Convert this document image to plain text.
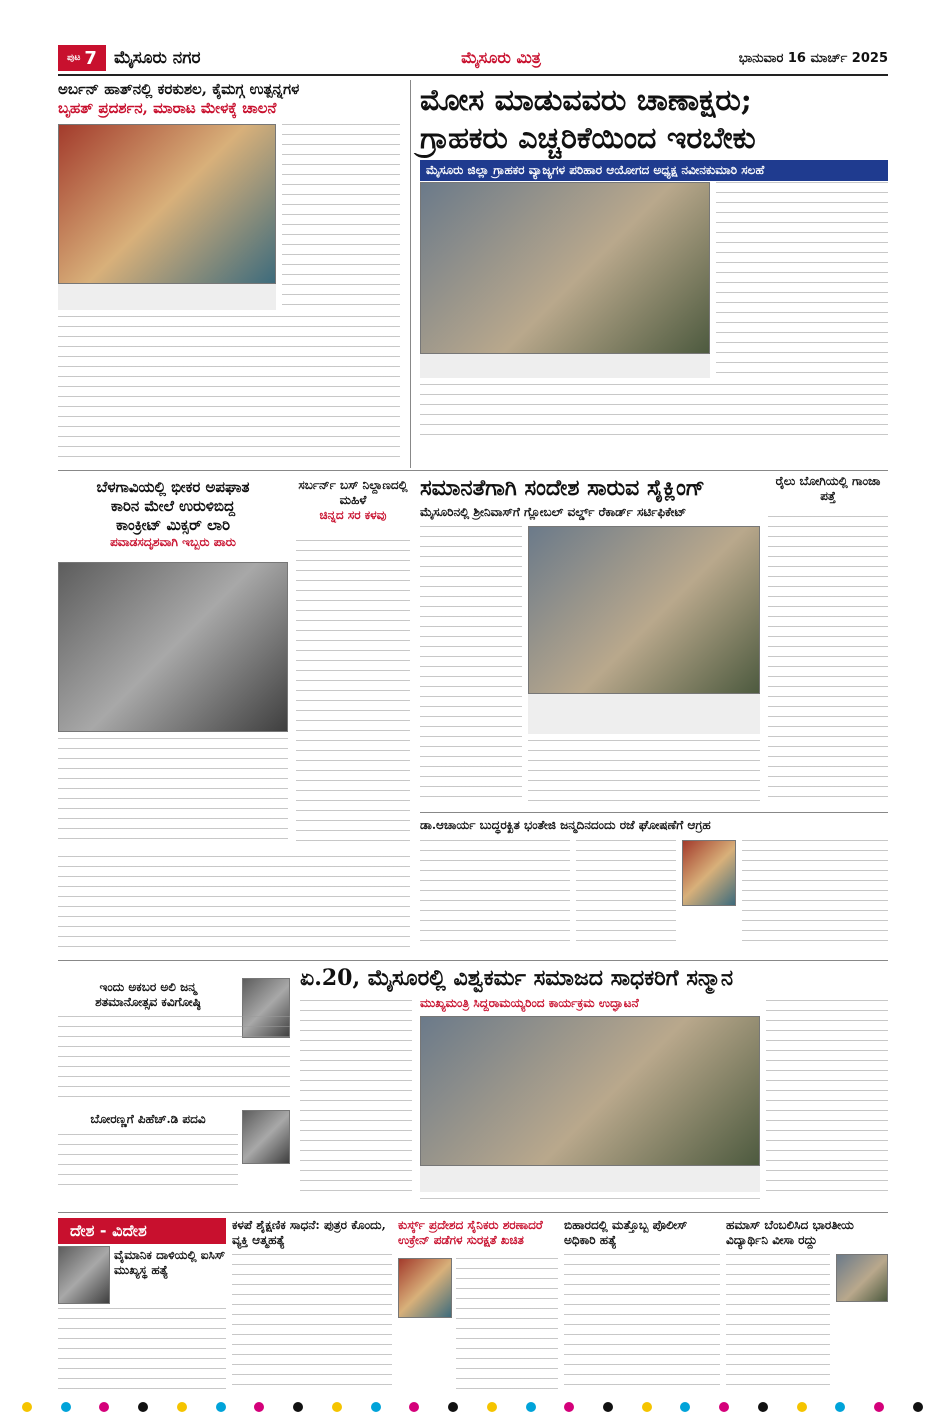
ಪುಟ 7 ಮೈಸೂರು ನಗರ	ಮೈಸೂರು ಮಿತ್ರ	ಭಾನುವಾರ 16 ಮಾರ್ಚ್ 2025
ಅರ್ಬನ್ ಹಾತ್‌ನಲ್ಲಿ ಕರಕುಶಲ, ಕೈಮಗ್ಗ ಉತ್ಪನ್ನಗಳ
ಬೃಹತ್ ಪ್ರದರ್ಶನ, ಮಾರಾಟ ಮೇಳಕ್ಕೆ ಚಾಲನೆ	ಮೋಸ ಮಾಡುವವರು ಚಾಣಾಕ್ಷರು;
ಗ್ರಾಹಕರು ಎಚ್ಚರಿಕೆಯಿಂದ ಇರಬೇಕು
ಮೈಸೂರು ಜಿಲ್ಲಾ ಗ್ರಾಹಕರ ವ್ಯಾಜ್ಯಗಳ ಪರಿಹಾರ ಆಯೋಗದ ಅಧ್ಯಕ್ಷ ನವೀನಕುಮಾರಿ ಸಲಹೆ
ಬೆಳಗಾವಿಯಲ್ಲಿ ಭೀಕರ ಅಪಘಾತ
ಕಾರಿನ ಮೇಲೆ ಉರುಳಿಬಿದ್ದ
ಕಾಂಕ್ರೀಟ್ ಮಿಕ್ಸರ್ ಲಾರಿ
ಪವಾಡಸದೃಶವಾಗಿ ಇಬ್ಬರು ಪಾರು
ಸರ್ಬರ್ನ್ ಬಸ್ ನಿಲ್ದಾಣದಲ್ಲಿ ಮಹಿಳೆ
ಚಿನ್ನದ ಸರ ಕಳವು
ಸಮಾನತೆಗಾಗಿ ಸಂದೇಶ ಸಾರುವ ಸೈಕ್ಲಿಂಗ್
ಮೈಸೂರಿನಲ್ಲಿ ಶ್ರೀನಿವಾಸ್‌ಗೆ ಗ್ಲೋಬಲ್ ವರ್ಲ್ಡ್ ರೆಕಾರ್ಡ್ ಸರ್ಟಿಫಿಕೇಟ್
ರೈಲು ಬೋಗಿಯಲ್ಲಿ ಗಾಂಜಾ ಪತ್ತೆ
ಡಾ.ಆಚಾರ್ಯ ಬುದ್ಧರಕ್ಖಿತ ಭಂತೇಜಿ ಜನ್ಮದಿನದಂದು ರಜೆ ಘೋಷಣೆಗೆ ಆಗ್ರಹ
ಏ.20, ಮೈಸೂರಲ್ಲಿ ವಿಶ್ವಕರ್ಮ ಸಮಾಜದ ಸಾಧಕರಿಗೆ ಸನ್ಮಾನ
ಮುಖ್ಯಮಂತ್ರಿ ಸಿದ್ದರಾಮಯ್ಯರಿಂದ ಕಾರ್ಯಕ್ರಮ ಉದ್ಘಾಟನೆ
ಇಂದು ಅಕಬರ ಅಲಿ ಜನ್ಮ
ಶತಮಾನೋತ್ಸವ ಕವಿಗೋಷ್ಠಿ
ಬೋರಣ್ಣಗೆ ಪಿಹೆಚ್.ಡಿ ಪದವಿ
ದೇಶ - ವಿದೇಶ
ವೈಮಾನಿಕ ದಾಳಿಯಲ್ಲಿ ಐಸಿಸ್ ಮುಖ್ಯಸ್ಥ ಹತ್ಯೆ
ಕಳಪೆ ಶೈಕ್ಷಣಿಕ ಸಾಧನೆ: ಪುತ್ರರ ಕೊಂದು, ವ್ಯಕ್ತಿ ಆತ್ಮಹತ್ಯೆ
ಕುರ್ಸ್ಕ್ ಪ್ರದೇಶದ ಸೈನಿಕರು ಶರಣಾದರೆ ಉಕ್ರೇನ್ ಪಡೆಗಳ ಸುರಕ್ಷತೆ ಖಚಿತ
ಬಿಹಾರದಲ್ಲಿ ಮತ್ತೊಬ್ಬ ಪೊಲೀಸ್ ಅಧಿಕಾರಿ ಹತ್ಯೆ
ಹಮಾಸ್ ಬೆಂಬಲಿಸಿದ ಭಾರತೀಯ ವಿದ್ಯಾರ್ಥಿನಿ ವೀಸಾ ರದ್ದು
